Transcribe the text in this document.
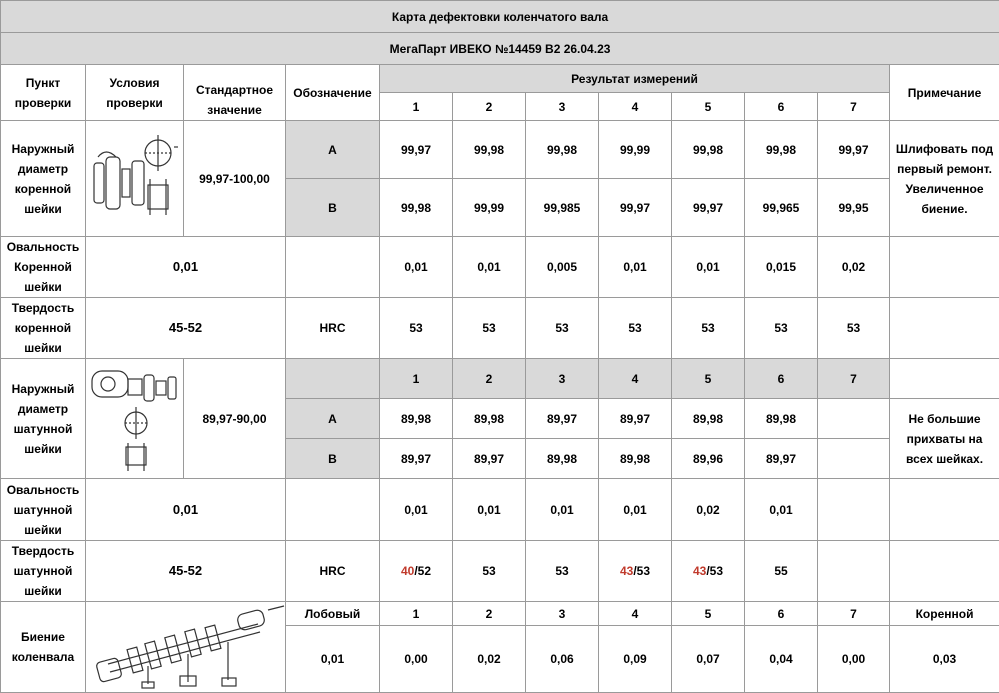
Карта дефектовки коленчатого вала											
МегаПарт ИВЕКО №14459 В2 26.04.23											
Пункт проверки	Условия проверки	Стандартное значение	Обозначение	Результат измерений							Примечание
				1	2	3	4	5	6	7	
Наружный диаметр коренной шейки		99,97-100,00	A	99,97	99,98	99,98	99,99	99,98	99,98	99,97	Шлифовать под первый ремонт. Увеличенное биение.
			B	99,98	99,99	99,985	99,97	99,97	99,965	99,95	
Овальность Коренной шейки	0,01			0,01	0,01	0,005	0,01	0,01	0,015	0,02	
Твердость коренной шейки	45-52		HRC	53	53	53	53	53	53	53	
Наружный диаметр шатунной шейки		89,97-90,00		1	2	3	4	5	6	7	
			A	89,98	89,98	89,97	89,97	89,98	89,98		Не большие прихваты на всех шейках.
			B	89,97	89,97	89,98	89,98	89,96	89,97		
Овальность шатунной шейки	0,01			0,01	0,01	0,01	0,01	0,02	0,01		
Твердость шатунной шейки	45-52		HRC	40/52	53	53	43/53	43/53	55		
Биение коленвала			Лобовый	1	2	3	4	5	6	7	Коренной
			0,01	0,00	0,02	0,06	0,09	0,07	0,04	0,00	0,03
